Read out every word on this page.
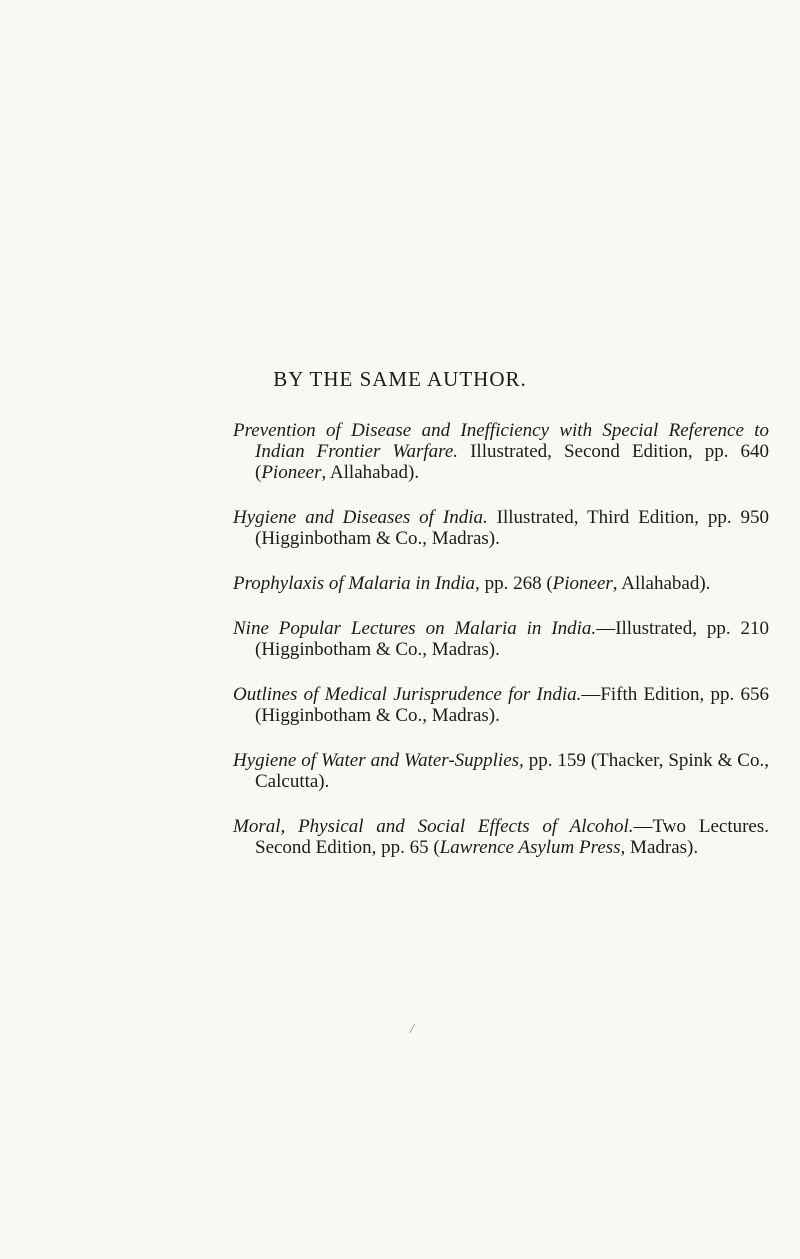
BY THE SAME AUTHOR.

Prevention of Disease and Inefficiency with Special Reference to Indian Frontier Warfare. Illustrated, Second Edition, pp. 640 (Pioneer, Allahabad).

Hygiene and Diseases of India. Illustrated, Third Edition, pp. 950 (Higginbotham & Co., Madras).

Prophylaxis of Malaria in India, pp. 268 (Pioneer, Allahabad).

Nine Popular Lectures on Malaria in India.—Illustrated, pp. 210 (Higginbotham & Co., Madras).

Outlines of Medical Jurisprudence for India.—Fifth Edition, pp. 656 (Higginbotham & Co., Madras).

Hygiene of Water and Water-Supplies, pp. 159 (Thacker, Spink & Co., Calcutta).

Moral, Physical and Social Effects of Alcohol.—Two Lectures. Second Edition, pp. 65 (Lawrence Asylum Press, Madras).

/
